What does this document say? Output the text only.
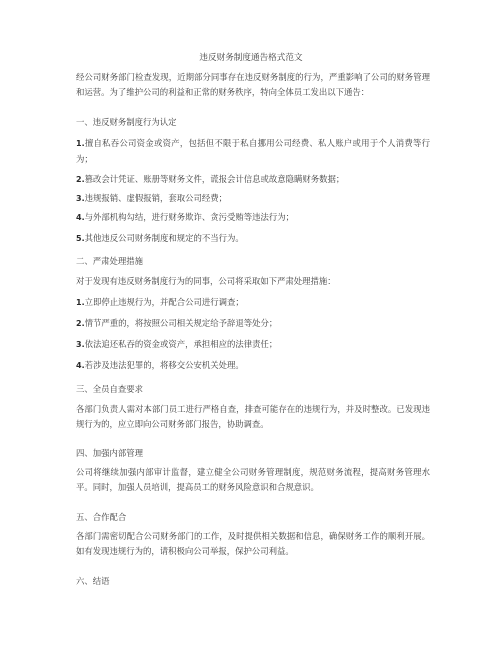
违反财务制度通告格式范文

经公司财务部门检查发现，近期部分同事存在违反财务制度的行为，严重影响了公司的财务管理和运营。为了维护公司的利益和正常的财务秩序，特向全体员工发出以下通告：

一、违反财务制度行为认定

1.擅自私吞公司资金或资产，包括但不限于私自挪用公司经费、私人账户或用于个人消费等行为；

2.篡改会计凭证、账册等财务文件，谎报会计信息或故意隐瞒财务数据；

3.违规报销、虚假报销，套取公司经费；

4.与外部机构勾结，进行财务欺诈、贪污受贿等违法行为；

5.其他违反公司财务制度和规定的不当行为。

二、严肃处理措施

对于发现有违反财务制度行为的同事，公司将采取如下严肃处理措施：

1.立即停止违规行为，并配合公司进行调查；

2.情节严重的，将按照公司相关规定给予辞退等处分；

3.依法追还私吞的资金或资产，承担相应的法律责任；

4.若涉及违法犯罪的，将移交公安机关处理。

三、全员自查要求

各部门负责人需对本部门员工进行严格自查，排查可能存在的违规行为，并及时整改。已发现违规行为的，应立即向公司财务部门报告，协助调查。

四、加强内部管理

公司将继续加强内部审计监督，建立健全公司财务管理制度，规范财务流程，提高财务管理水平。同时，加强人员培训，提高员工的财务风险意识和合规意识。

五、合作配合

各部门需密切配合公司财务部门的工作，及时提供相关数据和信息，确保财务工作的顺利开展。如有发现违规行为的，请积极向公司举报，保护公司利益。

六、结语
